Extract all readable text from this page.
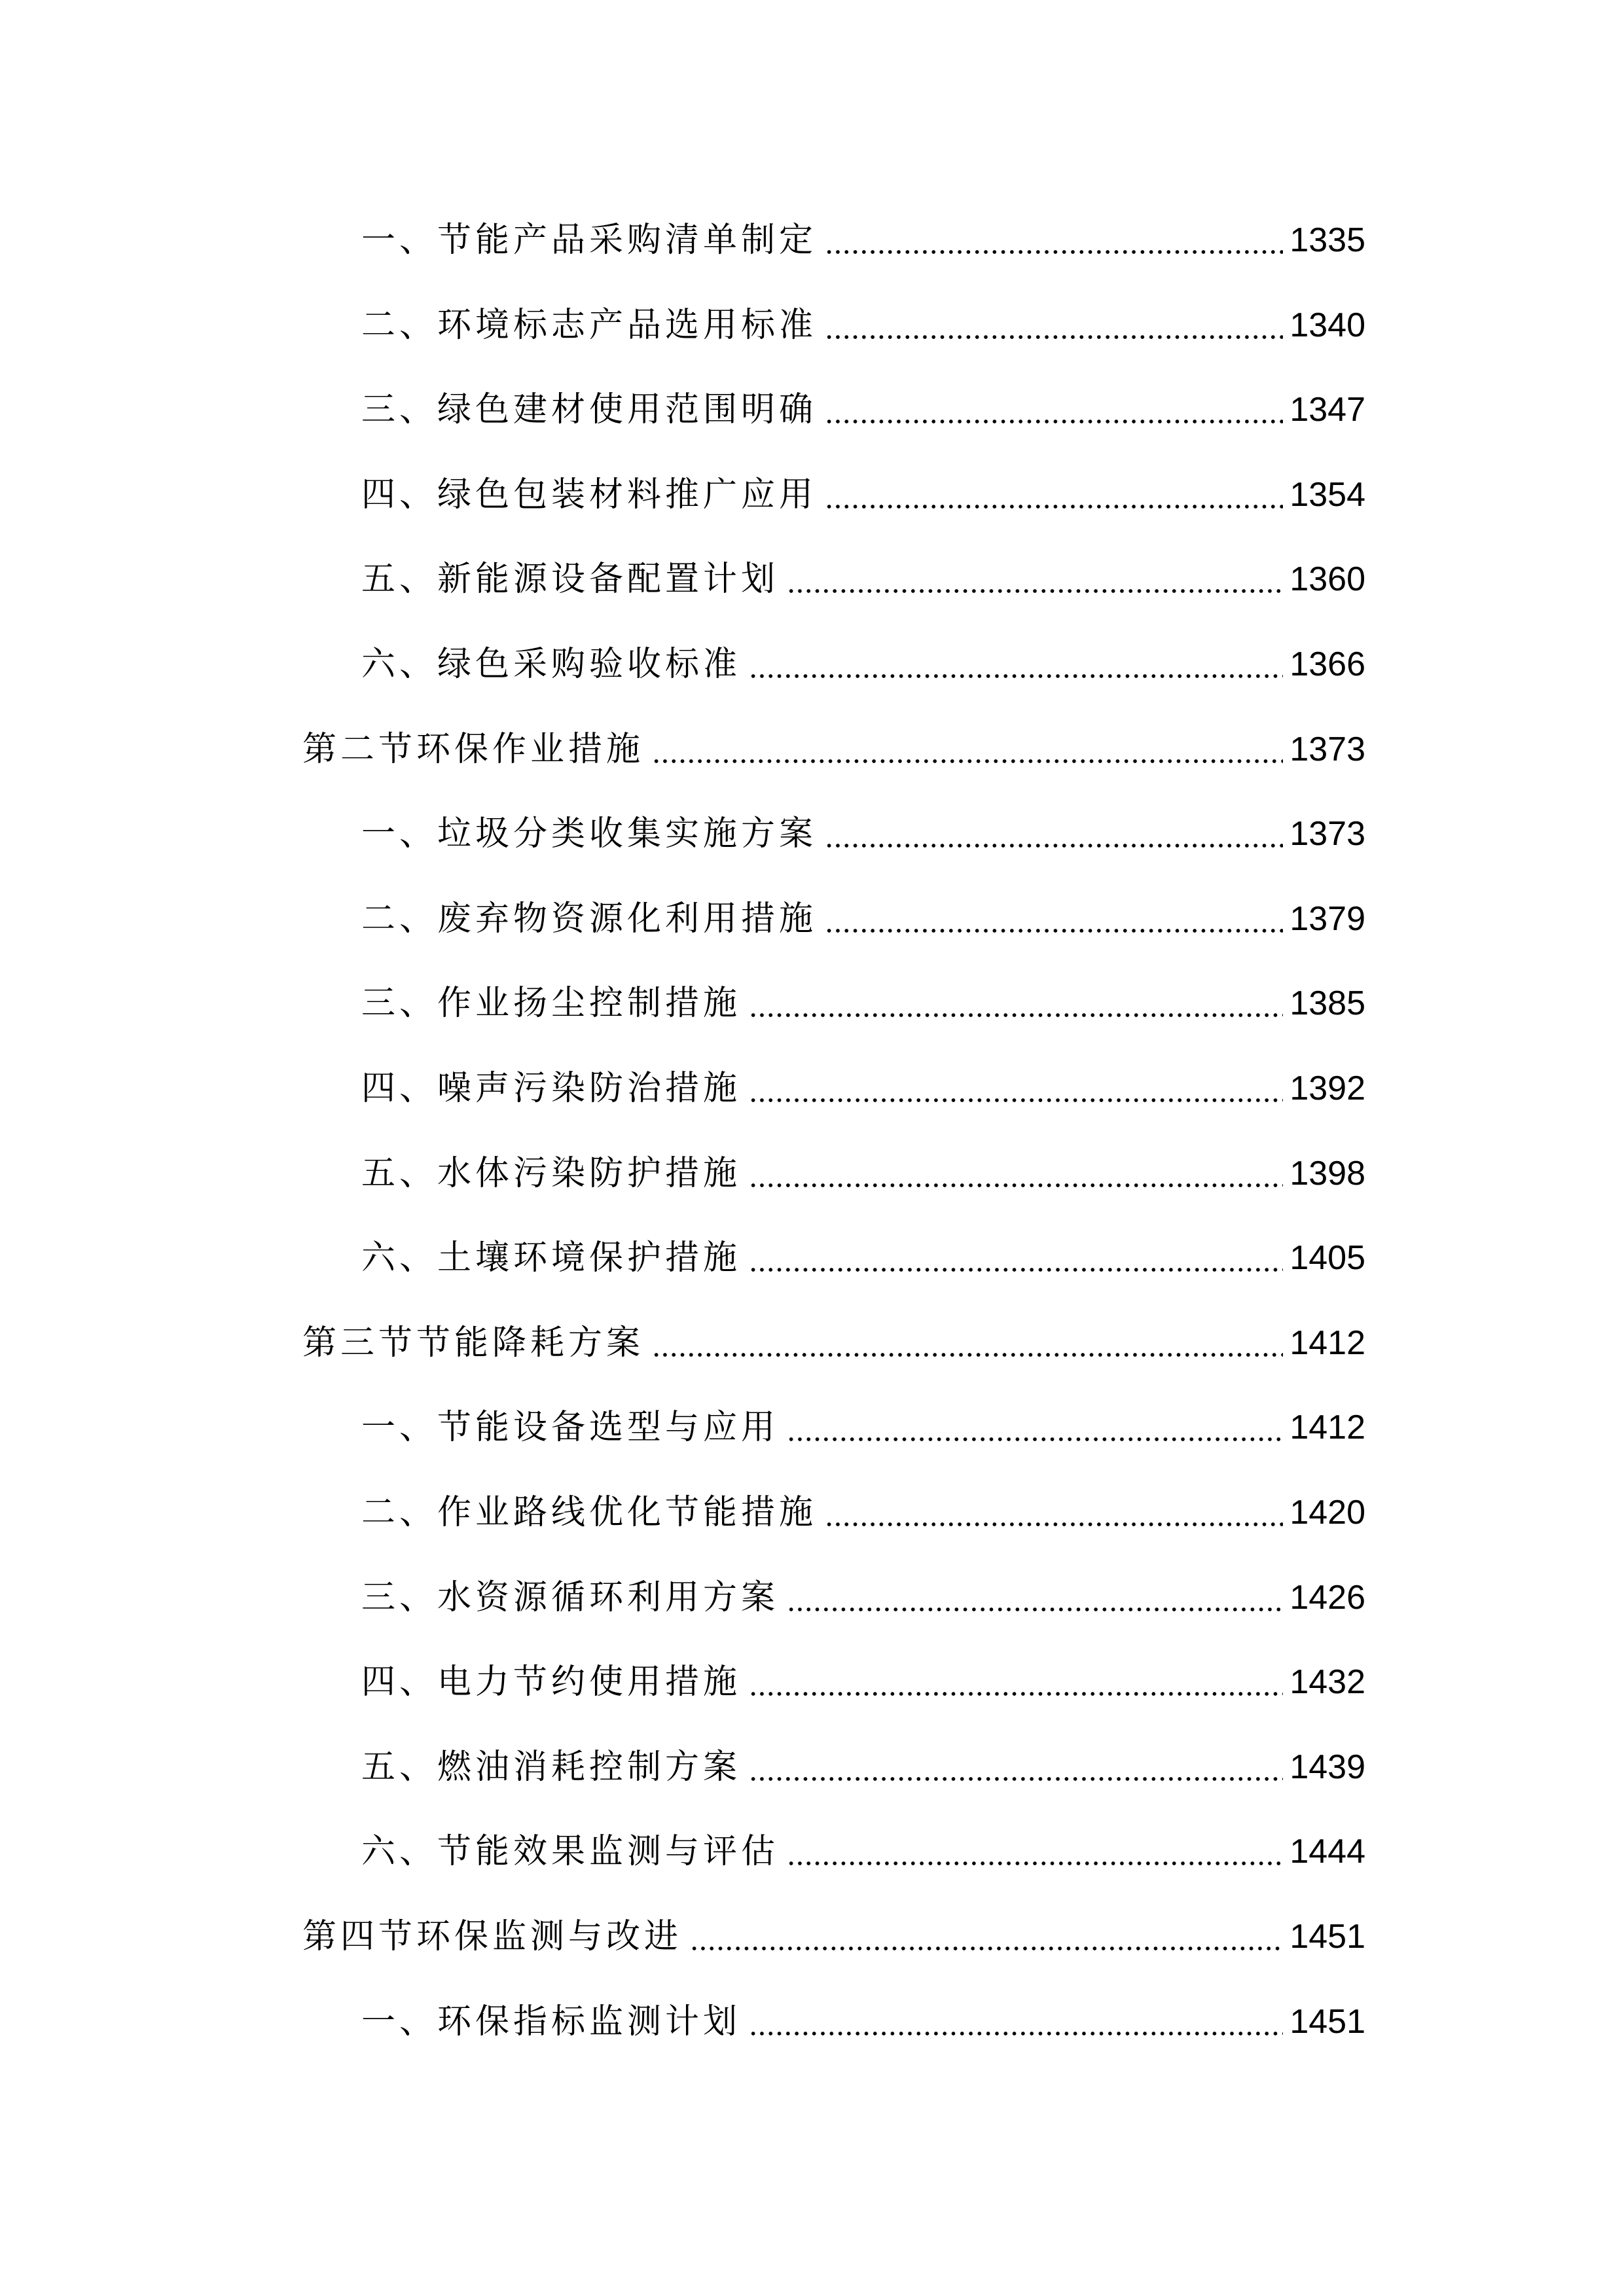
一、节能产品采购清单制定	1335
二、环境标志产品选用标准	1340
三、绿色建材使用范围明确	1347
四、绿色包装材料推广应用	1354
五、新能源设备配置计划	1360
六、绿色采购验收标准	1366
第二节环保作业措施	1373
一、垃圾分类收集实施方案	1373
二、废弃物资源化利用措施	1379
三、作业扬尘控制措施	1385
四、噪声污染防治措施	1392
五、水体污染防护措施	1398
六、土壤环境保护措施	1405
第三节节能降耗方案	1412
一、节能设备选型与应用	1412
二、作业路线优化节能措施	1420
三、水资源循环利用方案	1426
四、电力节约使用措施	1432
五、燃油消耗控制方案	1439
六、节能效果监测与评估	1444
第四节环保监测与改进	1451
一、环保指标监测计划	1451
